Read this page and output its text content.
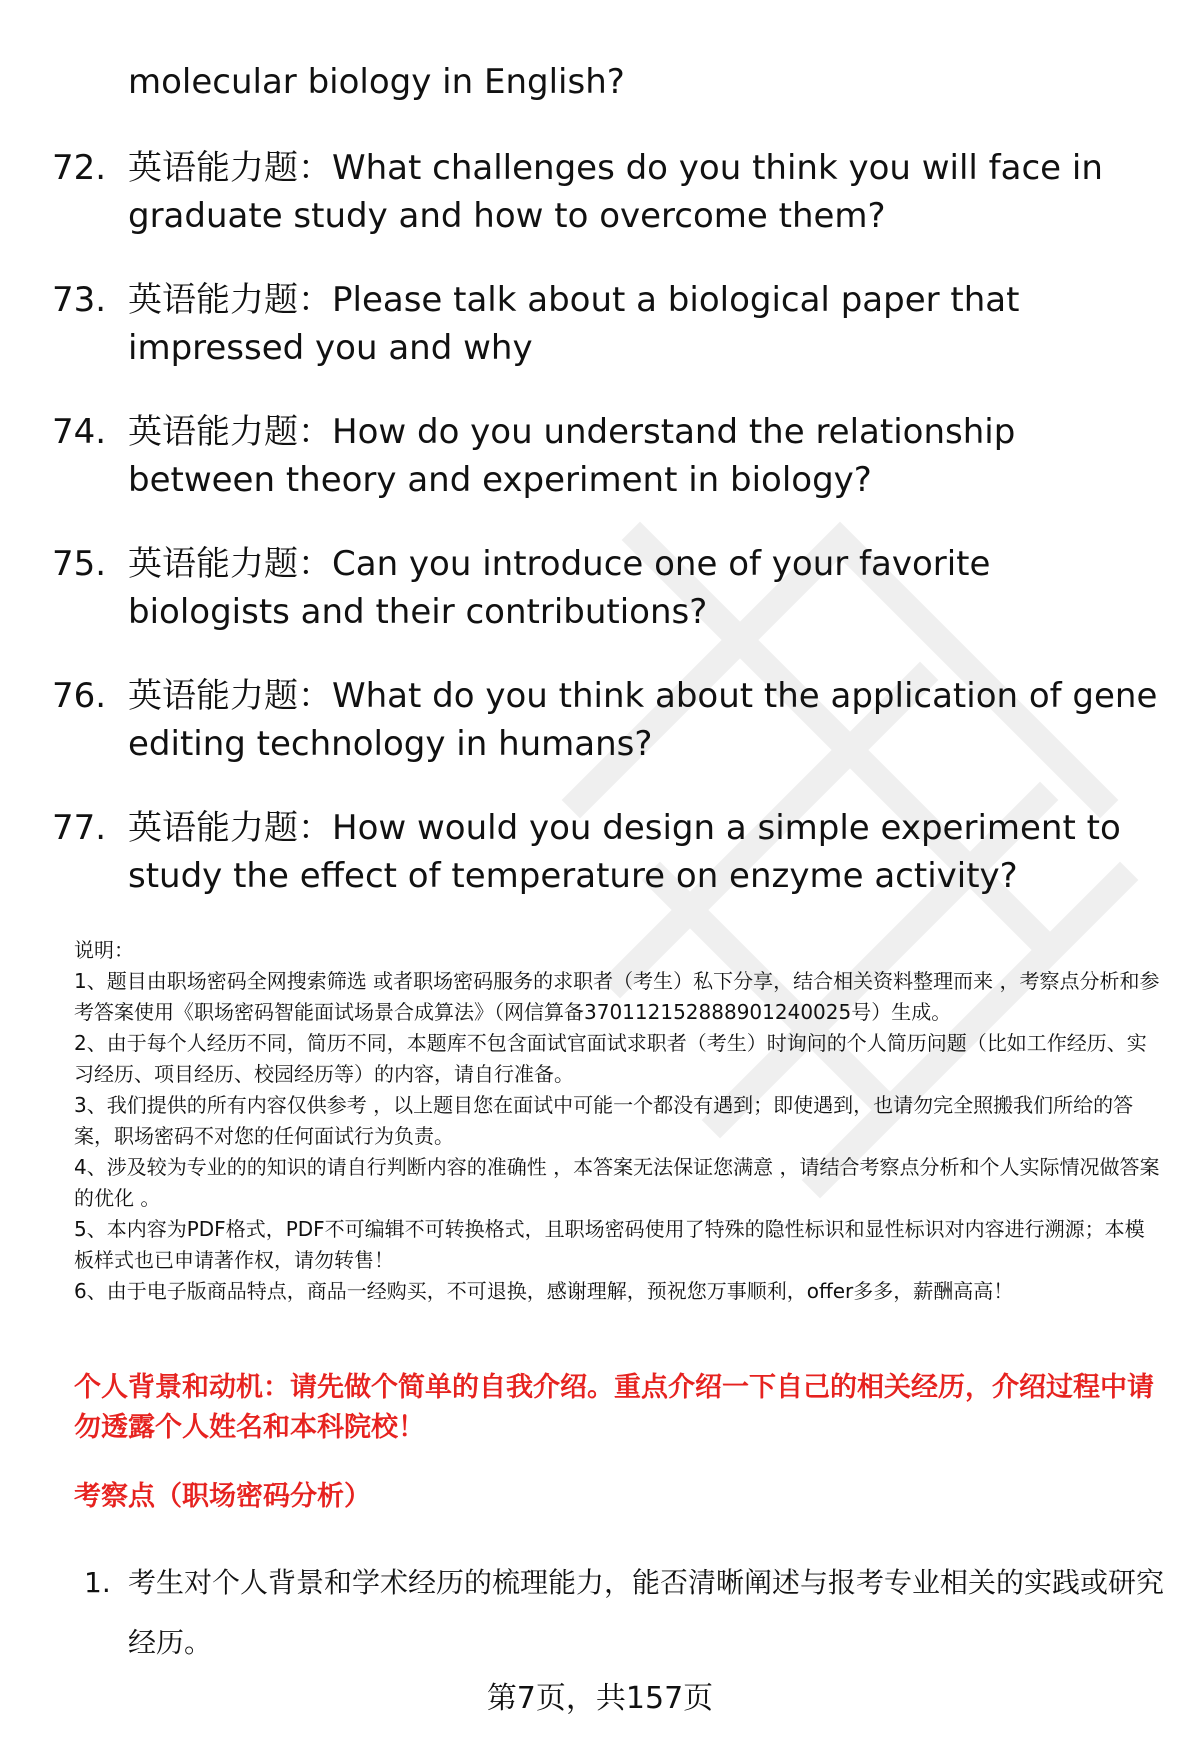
molecular biology in English?
72. 英语能力题：What challenges do you think you will face in graduate study and how to overcome them?
73. 英语能力题：Please talk about a biological paper that impressed you and why
74. 英语能力题：How do you understand the relationship between theory and experiment in biology?
75. 英语能力题：Can you introduce one of your favorite biologists and their contributions?
76. 英语能力题：What do you think about the application of gene editing technology in humans?
77. 英语能力题：How would you design a simple experiment to study the effect of temperature on enzyme activity?

说明：

1、题目由职场密码全网搜索筛选 或者职场密码服务的求职者（考生）私下分享，结合相关资料整理而来 ，考察点分析和参考答案使用《职场密码智能面试场景合成算法》（网信算备370112152888901240025号）生成。

2、由于每个人经历不同，简历不同，本题库不包含面试官面试求职者（考生）时询问的个人简历问题（比如工作经历、实习经历、项目经历、校园经历等）的内容，请自行准备。

3、我们提供的所有内容仅供参考 ，以上题目您在面试中可能一个都没有遇到；即使遇到，也请勿完全照搬我们所给的答案，职场密码不对您的任何面试行为负责。

4、涉及较为专业的的知识的请自行判断内容的准确性 ，本答案无法保证您满意 ，请结合考察点分析和个人实际情况做答案的优化 。

5、本内容为PDF格式，PDF不可编辑不可转换格式，且职场密码使用了特殊的隐性标识和显性标识对内容进行溯源；本模板样式也已申请著作权，请勿转售！

6、由于电子版商品特点，商品一经购买，不可退换，感谢理解，预祝您万事顺利，offer多多，薪酬高高！

个人背景和动机：请先做个简单的自我介绍。重点介绍一下自己的相关经历，介绍过程中请勿透露个人姓名和本科院校！
考察点（职场密码分析）
1. 考生对个人背景和学术经历的梳理能力，能否清晰阐述与报考专业相关的实践或研究经历。
第7页，共157页
